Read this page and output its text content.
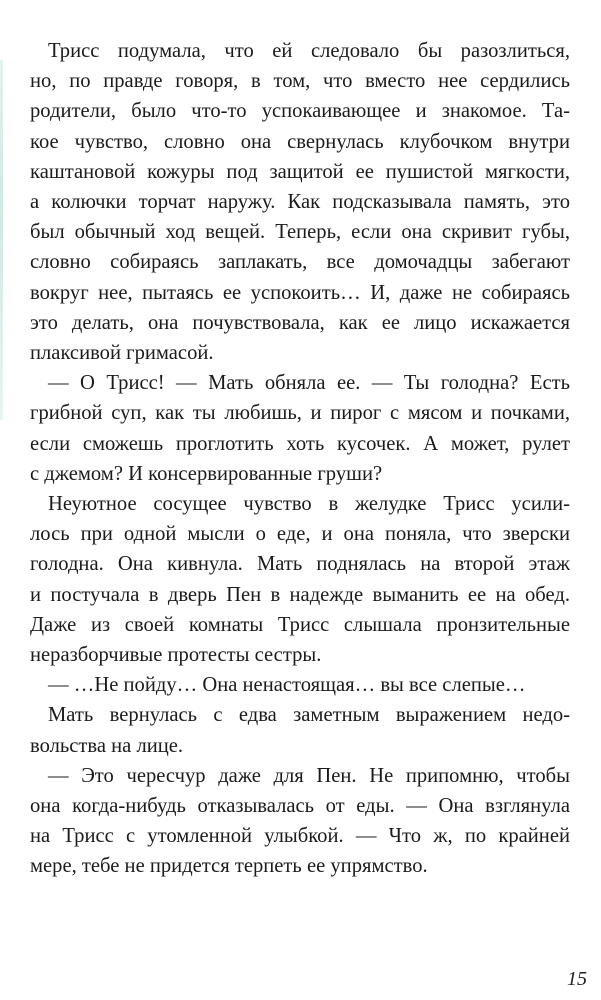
Трисс подумала, что ей следовало бы разозлиться,
но, по правде говоря, в том, что вместо нее сердились
родители, было что-то успокаивающее и знакомое. Та-
кое чувство, словно она свернулась клубочком внутри
каштановой кожуры под защитой ее пушистой мягкости,
а колючки торчат наружу. Как подсказывала память, это
был обычный ход вещей. Теперь, если она скривит губы,
словно собираясь заплакать, все домочадцы забегают
вокруг нее, пытаясь ее успокоить… И, даже не собираясь
это делать, она почувствовала, как ее лицо искажается
плаксивой гримасой.
— О Трисс! — Мать обняла ее. — Ты голодна? Есть
грибной суп, как ты любишь, и пирог с мясом и почками,
если сможешь проглотить хоть кусочек. А может, рулет
с джемом? И консервированные груши?
Неуютное сосущее чувство в желудке Трисс усили-
лось при одной мысли о еде, и она поняла, что зверски
голодна. Она кивнула. Мать поднялась на второй этаж
и постучала в дверь Пен в надежде выманить ее на обед.
Даже из своей комнаты Трисс слышала пронзительные
неразборчивые протесты сестры.
— …Не пойду… Она ненастоящая… вы все слепые…
Мать вернулась с едва заметным выражением недо-
вольства на лице.
— Это чересчур даже для Пен. Не припомню, чтобы
она когда-нибудь отказывалась от еды. — Она взглянула
на Трисс с утомленной улыбкой. — Что ж, по крайней
мере, тебе не придется терпеть ее упрямство.
15
